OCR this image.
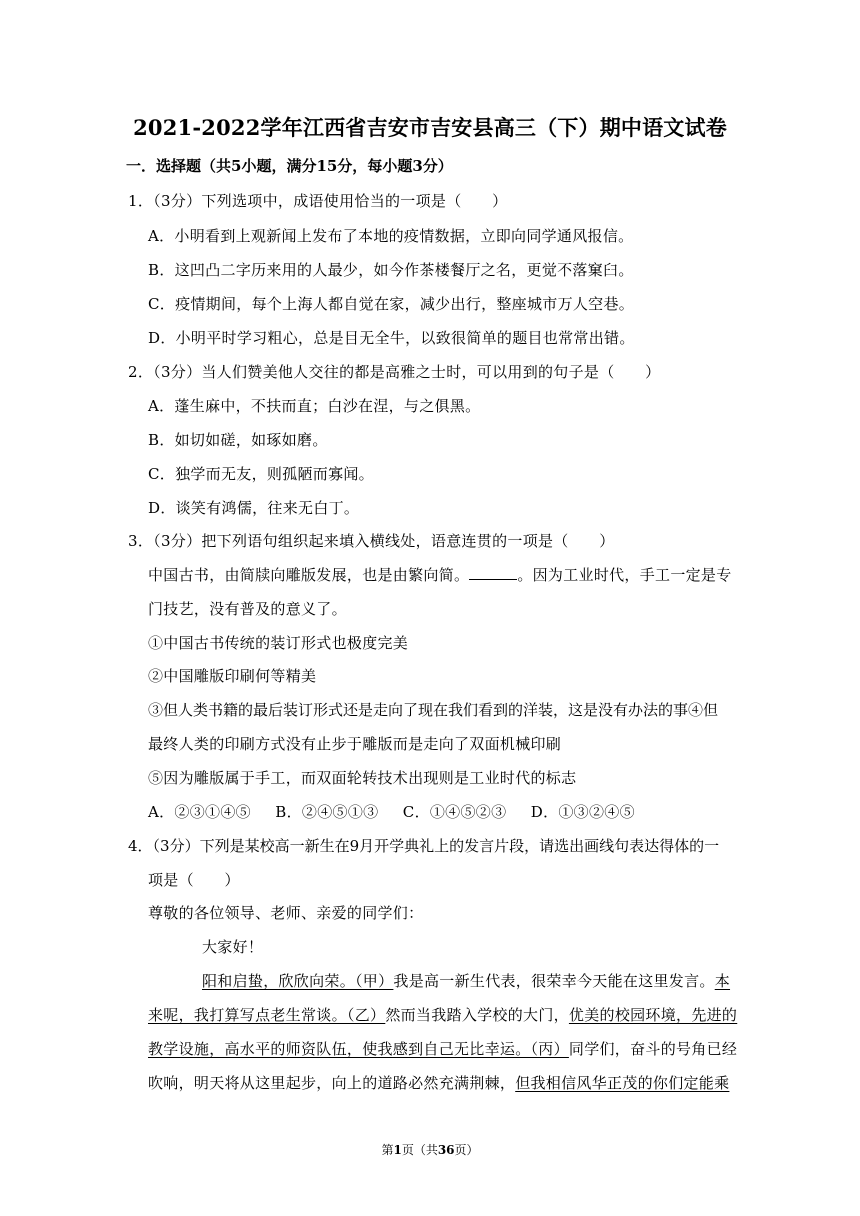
2021-2022学年江西省吉安市吉安县高三（下）期中语文试卷
一．选择题（共5小题，满分15分，每小题3分）
1．（3分）下列选项中，成语使用恰当的一项是（　　）
A．小明看到上观新闻上发布了本地的疫情数据，立即向同学通风报信。
B．这凹凸二字历来用的人最少，如今作茶楼餐厅之名，更觉不落窠臼。
C．疫情期间，每个上海人都自觉在家，减少出行，整座城市万人空巷。
D．小明平时学习粗心，总是目无全牛，以致很简单的题目也常常出错。
2．（3分）当人们赞美他人交往的都是高雅之士时，可以用到的句子是（　　）
A．蓬生麻中，不扶而直；白沙在涅，与之俱黑。
B．如切如磋，如琢如磨。
C．独学而无友，则孤陋而寡闻。
D．谈笑有鸿儒，往来无白丁。
3．（3分）把下列语句组织起来填入横线处，语意连贯的一项是（　　）
中国古书，由简牍向雕版发展，也是由繁向简。	。因为工业时代，手工一定是专
门技艺，没有普及的意义了。
①中国古书传统的装订形式也极度完美
②中国雕版印刷何等精美
③但人类书籍的最后装订形式还是走向了现在我们看到的洋装，这是没有办法的事④但
最终人类的印刷方式没有止步于雕版而是走向了双面机械印刷
⑤因为雕版属于手工，而双面轮转技术出现则是工业时代的标志
A．②③①④⑤　 B．②④⑤①③　 C．①④⑤②③　 D．①③②④⑤
4．（3分）下列是某校高一新生在9月开学典礼上的发言片段，请选出画线句表达得体的一
项是（　　）
尊敬的各位领导、老师、亲爱的同学们：
大家好！
阳和启蛰，欣欣向荣。（甲）我是高一新生代表，很荣幸今天能在这里发言。本
来呢，我打算写点老生常谈。（乙）然而当我踏入学校的大门，优美的校园环境，先进的
教学设施，高水平的师资队伍，使我感到自己无比幸运。（丙）同学们，奋斗的号角已经
吹响，明天将从这里起步，向上的道路必然充满荆棘，但我相信风华正茂的你们定能乘
第1页（共36页）
